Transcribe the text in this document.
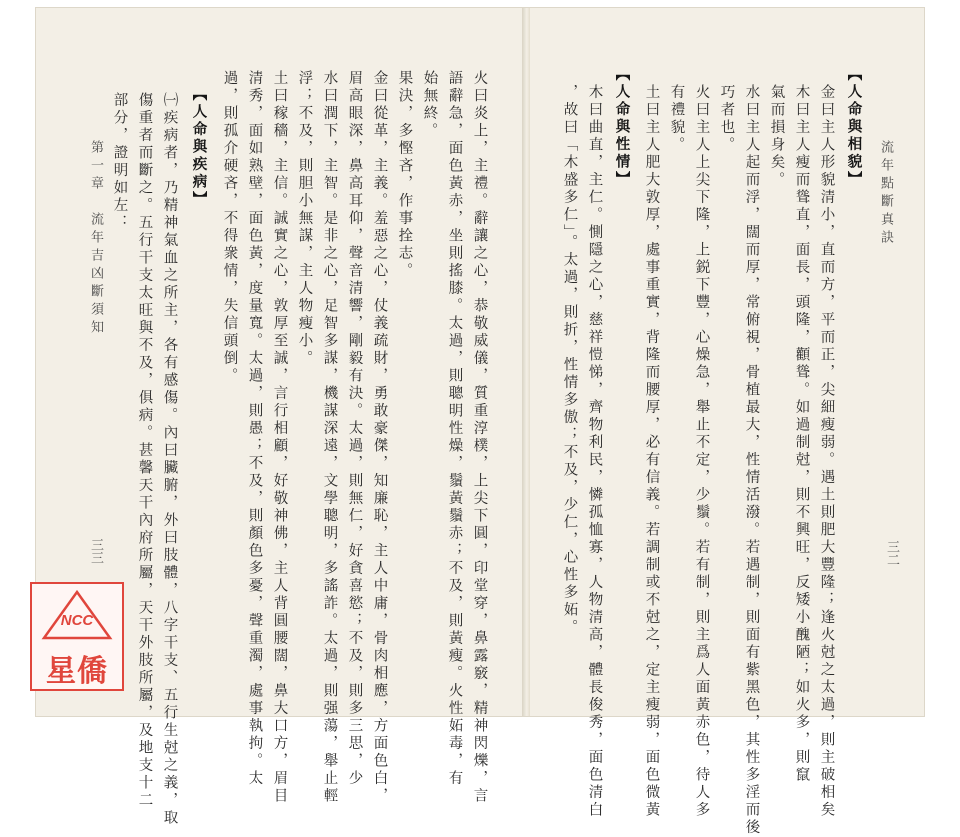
第一章　流年吉凶斷須知
三三
部分，證明如左： 傷重者而斷之。五行干支太旺與不及，俱病。甚馨天干內府所屬，天干外肢所屬，及地支十二 ㈠疾病者，乃精神氣血之所主，各有感傷。內曰臟腑，外曰肢體，八字干支、五行生尅之義，取 【人命與疾病】 過，則孤介硬吝，不得衆情，失信頭倒。 清秀，面如熟壁，面色黃，度量寬。太過，則愚；不及，則顏色多憂，聲重濁，處事執拘。太 土曰稼穡，主信。誠實之心，敦厚至誠，言行相顧，好敬神佛，主人背圓腰闊，鼻大口方，眉目 浮；不及，則胆小無謀，主人物瘦小。 水曰潤下，主智。是非之心，足智多謀，機謀深遠，文學聰明，多謠詐。太過，則强蕩，舉止輕 眉高眼深，鼻高耳仰，聲音清響，剛毅有決。太過，則無仁，好貪喜慾；不及，則多三思，少 金曰從革，主義。羞惡之心，仗義疏財，勇敢豪傑，知廉恥，主人中庸，骨肉相應，方面色白， 果決，多慳吝，作事拴志。 始無終。 語辭急，面色黃赤，坐則搖膝。太過，則聰明性燥，鬚黃鬚赤；不及，則黃瘦。火性妬毒，有 火曰炎上，主禮。辭讓之心，恭敬威儀，質重淳樸，上尖下圓，印堂穿，鼻露竅，精神閃爍，言	，故曰「木盛多仁」。太過，則折，性情多傲；不及，少仁，心性多妬。 木曰曲直，主仁。惻隱之心，慈祥愷悌，齊物利民，憐孤恤寡，人物清高，體長俊秀，面色清白 【人命與性情】 土曰主人肥大敦厚，處事重實，背隆而腰厚，必有信義。若調制或不尅之，定主瘦弱，面色微黃 有禮貌。 火曰主人上尖下隆，上鋭下豐，心燥急，舉止不定，少鬚。若有制，則主爲人面黃赤色，待人多 巧者也。 水曰主人起而浮，闊而厚，常俯視，骨植最大，性情活潑。若遇制，則面有紫黑色，其性多淫而後 氣而損身矣。 木曰主人瘦而聳直，面長，頭隆，顴聳。如過制尅，則不興旺，反矮小醜陋；如火多，則竄 金曰主人形貌清小，直而方，平而正，尖細瘦弱。遇土則肥大豐隆；逢火尅之太過，則主破相矣 【人命與相貌】
流年點斷真訣
三二
NCC
星僑
